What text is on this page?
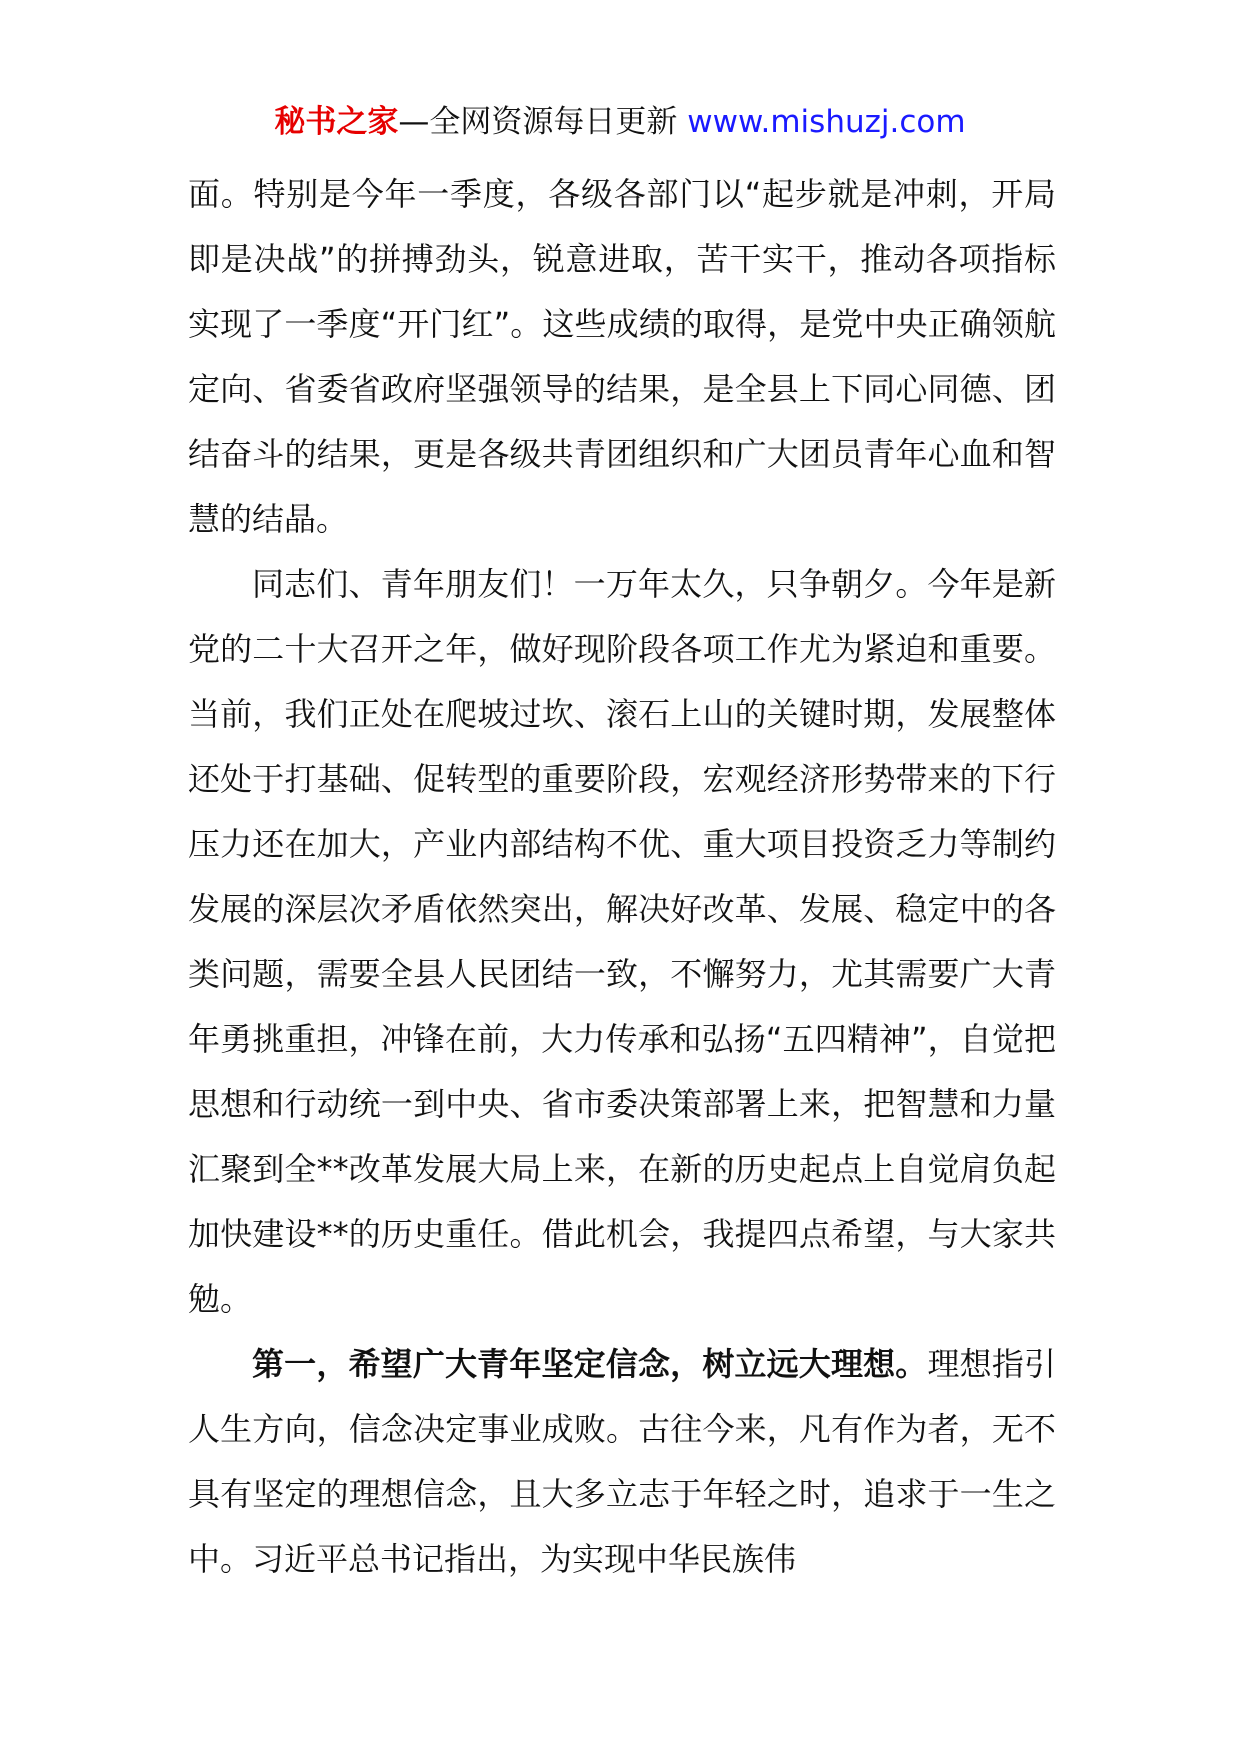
秘书之家—全网资源每日更新 www.mishuzj.com

面。特别是今年一季度，各级各部门以“起步就是冲刺，开局即是决战”的拼搏劲头，锐意进取，苦干实干，推动各项指标实现了一季度“开门红”。这些成绩的取得，是党中央正确领航定向、省委省政府坚强领导的结果，是全县上下同心同德、团结奋斗的结果，更是各级共青团组织和广大团员青年心血和智慧的结晶。

同志们、青年朋友们！一万年太久，只争朝夕。今年是新党的二十大召开之年，做好现阶段各项工作尤为紧迫和重要。当前，我们正处在爬坡过坎、滚石上山的关键时期，发展整体还处于打基础、促转型的重要阶段，宏观经济形势带来的下行压力还在加大，产业内部结构不优、重大项目投资乏力等制约发展的深层次矛盾依然突出，解决好改革、发展、稳定中的各类问题，需要全县人民团结一致，不懈努力，尤其需要广大青年勇挑重担，冲锋在前，大力传承和弘扬“五四精神”，自觉把思想和行动统一到中央、省市委决策部署上来，把智慧和力量汇聚到全**改革发展大局上来，在新的历史起点上自觉肩负起加快建设**的历史重任。借此机会，我提四点希望，与大家共勉。

第一，希望广大青年坚定信念，树立远大理想。理想指引人生方向，信念决定事业成败。古往今来，凡有作为者，无不具有坚定的理想信念，且大多立志于年轻之时，追求于一生之中。习近平总书记指出，为实现中华民族伟
